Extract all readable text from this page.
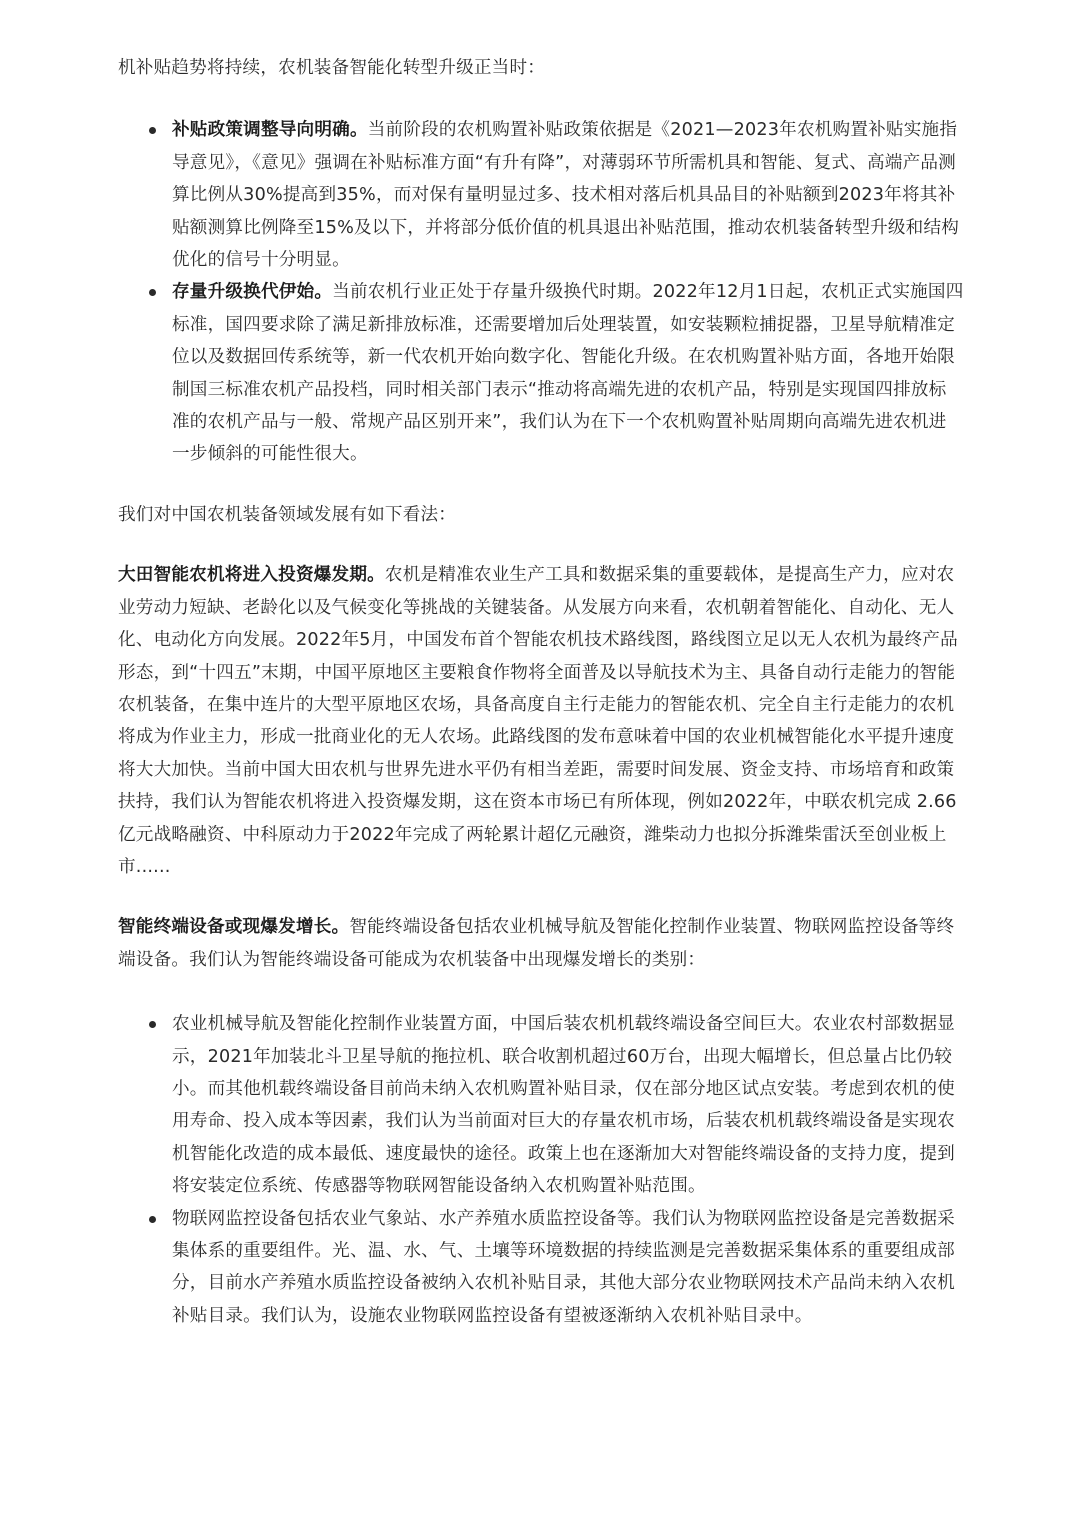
机补贴趋势将持续，农机装备智能化转型升级正当时：

补贴政策调整导向明确。当前阶段的农机购置补贴政策依据是《2021—2023年农机购置补贴实施指导意见》，《意见》强调在补贴标准方面“有升有降”，对薄弱环节所需机具和智能、复式、高端产品测算比例从30%提高到35%，而对保有量明显过多、技术相对落后机具品目的补贴额到2023年将其补贴额测算比例降至15%及以下，并将部分低价值的机具退出补贴范围，推动农机装备转型升级和结构优化的信号十分明显。
存量升级换代伊始。当前农机行业正处于存量升级换代时期。2022年12月1日起，农机正式实施国四标准，国四要求除了满足新排放标准，还需要增加后处理装置，如安装颗粒捕捉器，卫星导航精准定位以及数据回传系统等，新一代农机开始向数字化、智能化升级。在农机购置补贴方面，各地开始限制国三标准农机产品投档，同时相关部门表示“推动将高端先进的农机产品，特别是实现国四排放标准的农机产品与一般、常规产品区别开来”，我们认为在下一个农机购置补贴周期向高端先进农机进一步倾斜的可能性很大。

我们对中国农机装备领域发展有如下看法：

大田智能农机将进入投资爆发期。农机是精准农业生产工具和数据采集的重要载体，是提高生产力，应对农业劳动力短缺、老龄化以及气候变化等挑战的关键装备。从发展方向来看，农机朝着智能化、自动化、无人化、电动化方向发展。2022年5月，中国发布首个智能农机技术路线图，路线图立足以无人农机为最终产品形态，到“十四五”末期，中国平原地区主要粮食作物将全面普及以导航技术为主、具备自动行走能力的智能农机装备，在集中连片的大型平原地区农场，具备高度自主行走能力的智能农机、完全自主行走能力的农机将成为作业主力，形成一批商业化的无人农场。此路线图的发布意味着中国的农业机械智能化水平提升速度将大大加快。当前中国大田农机与世界先进水平仍有相当差距，需要时间发展、资金支持、市场培育和政策扶持，我们认为智能农机将进入投资爆发期，这在资本市场已有所体现，例如2022年，中联农机完成 2.66 亿元战略融资、中科原动力于2022年完成了两轮累计超亿元融资，潍柴动力也拟分拆潍柴雷沃至创业板上市......

智能终端设备或现爆发增长。智能终端设备包括农业机械导航及智能化控制作业装置、物联网监控设备等终端设备。我们认为智能终端设备可能成为农机装备中出现爆发增长的类别：

农业机械导航及智能化控制作业装置方面，中国后装农机机载终端设备空间巨大。农业农村部数据显示，2021年加装北斗卫星导航的拖拉机、联合收割机超过60万台，出现大幅增长，但总量占比仍较小。而其他机载终端设备目前尚未纳入农机购置补贴目录，仅在部分地区试点安装。考虑到农机的使用寿命、投入成本等因素，我们认为当前面对巨大的存量农机市场，后装农机机载终端设备是实现农机智能化改造的成本最低、速度最快的途径。政策上也在逐渐加大对智能终端设备的支持力度，提到将安装定位系统、传感器等物联网智能设备纳入农机购置补贴范围。
物联网监控设备包括农业气象站、水产养殖水质监控设备等。我们认为物联网监控设备是完善数据采集体系的重要组件。光、温、水、气、土壤等环境数据的持续监测是完善数据采集体系的重要组成部分，目前水产养殖水质监控设备被纳入农机补贴目录，其他大部分农业物联网技术产品尚未纳入农机补贴目录。我们认为，设施农业物联网监控设备有望被逐渐纳入农机补贴目录中。
